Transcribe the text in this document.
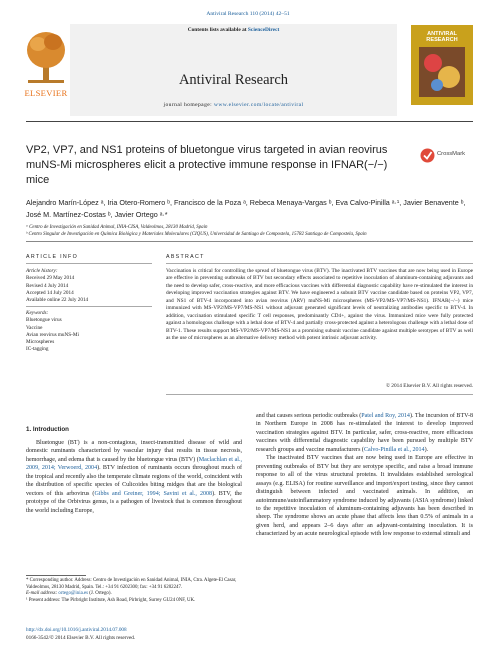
Antiviral Research 110 (2014) 42–51
ELSEVIER
Contents lists available at ScienceDirect
Antiviral Research
journal homepage: www.elsevier.com/locate/antiviral
ANTIVIRAL RESEARCH
VP2, VP7, and NS1 proteins of bluetongue virus targeted in avian reovirus muNS-Mi microspheres elicit a protective immune response in IFNAR(−/−) mice
CrossMark
Alejandro Marín-López ᵃ, Iria Otero-Romero ᵇ, Francisco de la Poza ᵃ, Rebeca Menaya-Vargas ᵇ, Eva Calvo-Pinilla ᵃ·¹, Javier Benavente ᵇ, José M. Martínez-Costas ᵇ, Javier Ortego ᵃ·*
ᵃ Centro de Investigación en Sanidad Animal, INIA-CISA, Valdeolmos, 28130 Madrid, Spain
ᵇ Centro Singular de Investigación en Química Biológica y Materiales Moleculares (CIQUS), Universidad de Santiago de Compostela, 15782 Santiago de Compostela, Spain
ARTICLE INFO	ABSTRACT
Article history:
Received 29 May 2014
Revised 4 July 2014
Accepted 14 July 2014
Available online 22 July 2014
Keywords:
Bluetongue virus
Vaccine
Avian reovirus muNS-Mi
Microspheres
IC-tagging
Vaccination is critical for controlling the spread of bluetongue virus (BTV). The inactivated BTV vaccines that are now being used in Europe are effective in preventing outbreaks of BTV but secondary effects associated to repetitive inoculation of aluminum-containing adjuvants and the need to develop safer, cross-reactive, and more efficacious vaccines with differential diagnostic capability have re-stimulated the interest in developing improved vaccination strategies against BTV. We have engineered a subunit BTV vaccine candidate based on proteins VP2, VP7, and NS1 of BTV-4 incorporated into avian reovirus (ARV) muNS-Mi microspheres (MS-VP2/MS-VP7/MS-NS1). IFNAR(−/−) mice immunized with MS-VP2/MS-VP7/MS-NS1 without adjuvant generated significant levels of neutralizing antibodies specific to BTV-4. In addition, vaccination stimulated specific T cell responses, predominantly CD4+, against the virus. Immunized mice were fully protected against a homologous challenge with a lethal dose of BTV-4 and partially cross-protected against a heterologous challenge with a lethal dose of BTV-1. These results support MS-VP2/MS-VP7/MS-NS1 as a promising subunit vaccine candidate against multiple serotypes of BTV as well as the use of microspheres as an alternative delivery method with potent intrinsic adjuvant activity.
© 2014 Elsevier B.V. All rights reserved.
1. Introduction

Bluetongue (BT) is a non-contagious, insect-transmitted disease of wild and domestic ruminants characterized by vascular injury that results in tissue necrosis, hemorrhage, and edema that is caused by the bluetongue virus (BTV) (Maclachlan et al., 2009, 2014; Verwoerd, 2004). BTV infection of ruminants occurs throughout much of the tropical and recently also the temperate climate regions of the world, coincident with the distribution of specific species of Culicoides biting midges that are the biological vectors of this arbovirus (Gibbs and Greiner, 1994; Savini et al., 2008). BTV, the prototype of the Orbivirus genus, is a pathogen of livestock that is common throughout the world including Europe,

and that causes serious periodic outbreaks (Patel and Roy, 2014). The incursion of BTV-8 in Northern Europe in 2008 has re-stimulated the interest to develop improved vaccination strategies against BTV. In particular, safer, cross-reactive, more efficacious vaccines with differential diagnostic capability have been pursued by multiple BTV research groups and vaccine manufacturers (Calvo-Pinilla et al., 2014).

The inactivated BTV vaccines that are now being used in Europe are effective in preventing outbreaks of BTV but they are serotype specific, and raise a broad immune response to all of the virus structural proteins. It invalidates established serological assays (e.g. ELISA) for routine surveillance and import/export testing, since they cannot distinguish between infected and vaccinated animals. In addition, an autoimmune/autoinflammatory syndrome induced by adjuvants (ASIA syndrome) linked to the repetitive inoculation of aluminum-containing adjuvants has been described in sheep. The syndrome shows an acute phase that affects less than 0.5% of animals in a given herd, and appears 2–6 days after an adjuvant-containing inoculation. It is characterized by an acute neurological episode with low response to external stimuli and

* Corresponding author. Address: Centro de Investigación en Sanidad Animal, INIA, Ctra. Algete-El Casar, Valdeolmos, 28130 Madrid, Spain. Tel.: +34 91 6202300; fax: +34 91 6202247.

E-mail address: ortego@inia.es (J. Ortego).

¹ Present address: The Pirbright Institute, Ash Road, Pirbright, Surrey GU24 0NF, UK.

http://dx.doi.org/10.1016/j.antiviral.2014.07.008
0166-3542/© 2014 Elsevier B.V. All rights reserved.
